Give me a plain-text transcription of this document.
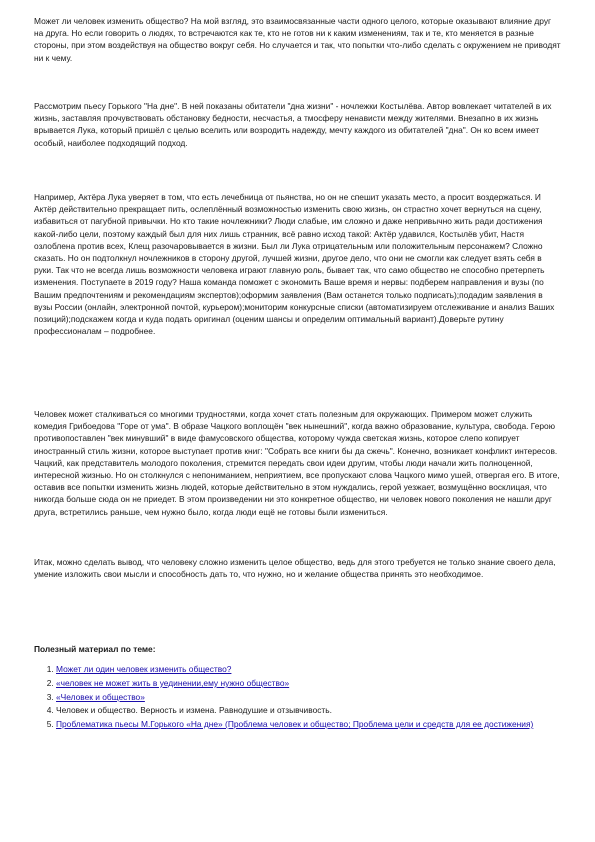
Может ли человек изменить общество? На мой взгляд, это взаимосвязанные части одного целого, которые оказывают влияние друг на друга. Но если говорить о людях, то встречаются как те, кто не готов ни к каким изменениям, так и те, кто меняется в разные стороны, при этом воздействуя на общество вокруг себя. Но случается и так, что попытки что-либо сделать с окружением не приводят ни к чему.

Рассмотрим пьесу Горького "На дне". В ней показаны обитатели "дна жизни" - ночлежки Костылёва. Автор вовлекает читателей в их жизнь, заставляя прочувствовать обстановку бедности, несчастья, а тмосферу ненависти между жителями. Внезапно в их жизнь врывается Лука, который пришёл с целью вселить или возродить надежду, мечту каждого из обитателей "дна". Он ко всем имеет особый, наиболее подходящий подход.

Например, Актёра Лука уверяет в том, что есть лечебница от пьянства, но он не спешит указать место, а просит воздержаться. И Актёр действительно прекращает пить, ослеплённый возможностью изменить свою жизнь, он страстно хочет вернуться на сцену, избавиться от пагубной привычки. Но кто такие ночлежники? Люди слабые, им сложно и даже непривычно жить ради достижения какой-либо цели, поэтому каждый был для них лишь странник, всё равно исход такой: Актёр удавился, Костылёв убит, Настя озлоблена против всех, Клещ разочаровывается в жизни. Был ли Лука отрицательным или положительным персонажем? Сложно сказать. Но он подтолкнул ночлежников в сторону другой, лучшей жизни, другое дело, что они не смогли как следует взять себя в руки. Так что не всегда лишь возможности человека играют главную роль, бывает так, что само общество не способно претерпеть изменения. Поступаете в 2019 году? Наша команда поможет с экономить Ваше время и нервы: подберем направления и вузы (по Вашим предпочтениям и рекомендациям экспертов);оформим заявления (Вам останется только подписать);подадим заявления в вузы России (онлайн, электронной почтой, курьером);мониторим конкурсные списки (автоматизируем отслеживание и анализ Ваших позиций);подскажем когда и куда подать оригинал (оценим шансы и определим оптимальный вариант).Доверьте рутину профессионалам – подробнее.

Человек может сталкиваться со многими трудностями, когда хочет стать полезным для окружающих. Примером может служить комедия Грибоедова "Горе от ума". В образе Чацкого воплощён "век нынешний", когда важно образование, культура, свобода. Герою противопоставлен "век минувший" в виде фамусовского общества, которому чужда светская жизнь, которое слепо копирует иностранный стиль жизни, которое выступает против книг: "Собрать все книги бы да сжечь". Конечно, возникает конфликт интересов. Чацкий, как представитель молодого поколения, стремится передать свои идеи другим, чтобы люди начали жить полноценной, интересной жизнью. Но он столкнулся с непониманием, неприятием, все пропускают слова Чацкого мимо ушей, отвергая его. В итоге, оставив все попытки изменить жизнь людей, которые действительно в этом нуждались, герой уезжает, возмущённо восклицая, что никогда больше сюда он не приедет. В этом произведении ни это конкретное общество, ни человек нового поколения не нашли друг друга, встретились раньше, чем нужно было, когда люди ещё не готовы были измениться.

Итак, можно сделать вывод, что человеку сложно изменить целое общество, ведь для этого требуется не только знание своего дела, умение изложить свои мысли и способность дать то, что нужно, но и желание общества принять это необходимое.

Полезный материал по теме:

1. Может ли один человек изменить общество?
2. «человек не может жить в уединении,ему нужно общество»
3. «Человек и общество»
4. Человек и общество. Верность и измена. Равнодушие и отзывчивость.
5. Проблематика пьесы М.Горького «На дне» (Проблема человек и общество; Проблема цели и средств для ее достижения)
